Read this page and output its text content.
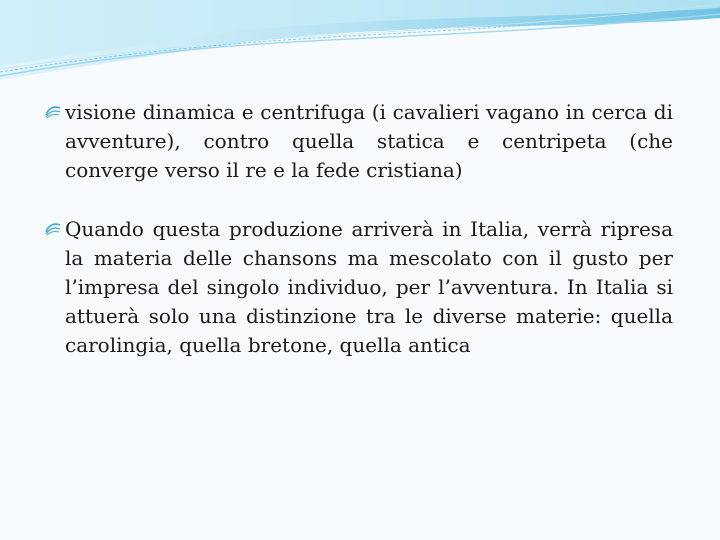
visione dinamica e centrifuga (i cavalieri vagano in cerca di avventure), contro quella statica e centripeta (che converge verso il re e la fede cristiana)
Quando questa produzione arriverà in Italia, verrà ripresa la materia delle chansons ma mescolato con il gusto per l’impresa del singolo individuo, per l’avventura. In Italia si attuerà solo una distinzione tra le diverse materie: quella carolingia, quella bretone, quella antica
